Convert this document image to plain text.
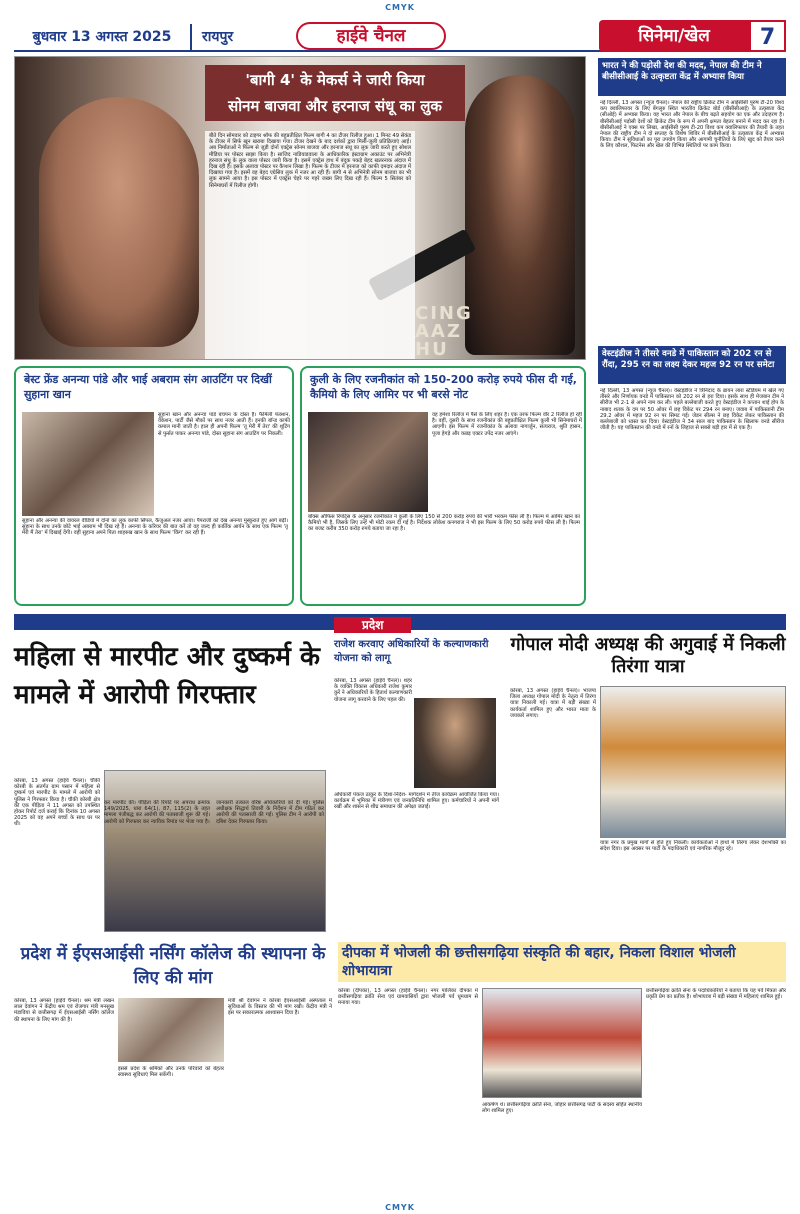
CMYK
बुधवार 13 अगस्त 2025	रायपुर	हाईवे चैनल	सिनेमा/खेल	7
CING
AAZ
HU
'बागी 4' के मेकर्स ने जारी किया
सोनम बाजवा और हरनाज संधू का लुक
बीते दिन सोमवार को टाइगर श्रॉफ की बहुप्रतीक्षित फिल्म बागी 4 का टीजर रिलीज हुआ। 1 मिनट 49 सेकंड के टीजर में सिर्फ खून खराबा दिखाया गया। टीजर देखने के बाद दर्शकों द्वारा मिली-जुली प्रतिक्रियाएं आईं। अब निर्माताओं ने फिल्म से जुड़ी दोनों एक्ट्रेस सोनम बाजवा और हरनाज संधू का लुक जारी करते हुए सोशल मीडिया पर पोस्टर साझा किया है। साजिद नाडियाडवाला के आधिकारिक इंस्टाग्राम अकाउंट पर अभिनेत्री हरनाज संधू के लुक वाला पोस्टर जारी किया है। इसमें एक्ट्रेस हाथ में बंदूक पकड़े बेहद खतरनाक अंदाज में दिख रही हैं। इसके अलावा पोस्टर पर कैप्शन लिखा है। फिल्म के टीजर में हरनाज को काफी दमदार अंदाज में दिखाया गया है। इसमें वह बेहद एग्रेसिव लुक में नजर आ रही हैं। बागी 4 से अभिनेत्री सोनम बाजवा का भी लुक सामने आया है। इस पोस्टर में एक्ट्रेस चेहरे पर गहरे जख्म लिए दिख रही हैं। फिल्म 5 सितंबर को सिनेमाघरों में रिलीज होगी।
भारत ने की पड़ोसी देश की मदद, नेपाल की टीम ने बीसीसीआई के उत्कृष्टता केंद्र में अभ्यास किया
नई दिल्ली, 13 अगस्त (न्यूज चैनल)। नेपाल की राष्ट्रीय क्रिकेट टीम ने आईसीसी पुरुष टी-20 विश्व कप क्वालिफायर के लिए बेंगलुरु स्थित भारतीय क्रिकेट बोर्ड (बीसीसीआई) के उत्कृष्टता केंद्र (सीओई) में अभ्यास किया। यह भारत और नेपाल के बीच बढ़ते सहयोग का एक और उदाहरण है। बीसीसीआई पड़ोसी देशों को क्रिकेट टीम के रूप में अपनी क्षमता बेहतर बनाने में मदद कर रहा है। बीसीसीआई ने एक्स पर लिखा, आईसीसी पुरुष टी-20 विश्व कप क्वालिफायर की तैयारी के तहत नेपाल की राष्ट्रीय टीम ने दो सप्ताह के विशेष शिविर में बीसीसीआई के उत्कृष्टता केंद्र में अभ्यास किया। टीम ने सुविधाओं का पूरा उपयोग किया और आगामी चुनौतियों के लिए खुद को तैयार करने के लिए कौशल, फिटनेस और खेल की विभिन्न स्थितियों पर काम किया।
वेस्टइंडीज ने तीसरे वनडे में पाकिस्तान को 202 रन से रौंदा, 295 रन का लक्ष्य देकर महज 92 रन पर समेटा
नई दिल्ली, 13 अगस्त (न्यूज चैनल)। वेस्टइंडीज ने त्रिनिदाद के ब्रायन लारा स्टेडियम में खेले गए तीसरे और निर्णायक वनडे में पाकिस्तान को 202 रन से हरा दिया। इसके साथ ही मेजबान टीम ने सीरीज भी 2-1 से अपने नाम कर ली। पहले बल्लेबाजी करते हुए वेस्टइंडीज ने कप्तान शाई होप के नाबाद शतक के दम पर 50 ओवर में छह विकेट पर 294 रन बनाए। जवाब में पाकिस्तानी टीम 29.2 ओवर में महज 92 रन पर सिमट गई। जेडन सील्स ने छह विकेट लेकर पाकिस्तान की बल्लेबाजी को ध्वस्त कर दिया। वेस्टइंडीज ने 34 साल बाद पाकिस्तान के खिलाफ वनडे सीरीज जीती है। यह पाकिस्तान की वनडे में रनों के लिहाज से सबसे बड़ी हार में से एक है।
बेस्ट फ्रेंड अनन्या पांडे और भाई अबराम संग आउटिंग पर दिखीं सुहाना खान
सुहाना खान और अनन्या पांडे बचपन के दोस्त हैं। फैमिली फंक्शन, वेकेशन, पार्टी जैसे मौकों पर साथ नजर आती हैं। इनकी बॉन्ड काफी कमाल मानी जाती है। हाल ही अपनी फिल्म 'तू मेरी मैं तेरा' की शूटिंग से फुर्सत पाकर अनन्या पांडे, दोस्त सुहाना संग आउटिंग पर निकलीं।
सुहाना और अनन्या की वायरल वीडियो में दोनों का लुक काफी सिंपल, कैजुअल नजर आया। पैपराजी को देख अनन्या मुस्कुराते हुए आगे बढ़ीं। सुहाना के साथ उनके छोटे भाई अबराम भी दिख रहे हैं। अनन्या के करियर की बात करें तो वह जल्द ही कार्तिक आर्यन के साथ एक फिल्म 'तू मेरी मैं तेरा' में दिखाई देंगी। वहीं सुहाना अपने पिता शाहरुख खान के साथ फिल्म 'किंग' कर रही हैं।
कुली के लिए रजनीकांत को 150-200 करोड़ रुपये फीस दी गई, कैमियो के लिए आमिर पर भी बरसे नोट
वह हमेशा रिलीज में पैसे के लिए शहर है। एक तरफ फिल्म वॉर 2 रिलीज हो रही है। वहीं, दूसरी के साथ रजनीकांत की बहुप्रतीक्षित फिल्म कुली भी सिनेमाघरों में आएगी। इस फिल्म में रजनीकांत के अलावा नागार्जुन, सत्यराज, श्रुति हासन, पूजा हेगड़े और कन्नड़ एक्टर उपेंद्र नजर आएंगे।
बॉक्स ऑफिस रिपोर्ट्स के अनुसार रजनीकांत ने कुली के लिए 150 से 200 करोड़ रुपये की भारी भरकम फीस ली है। फिल्म में आमिर खान का कैमियो भी है, जिसके लिए उन्हें भी मोटी रकम दी गई है। निर्देशक लोकेश कनगराज ने भी इस फिल्म के लिए 50 करोड़ रुपये फीस ली है। फिल्म का बजट करीब 350 करोड़ रुपये बताया जा रहा है।
प्रदेश
महिला से मारपीट और दुष्कर्म के मामले में आरोपी गिरफ्तार
कोरबा, 13 अगस्त (हाईवे चैनल)। चौकी कोरबी के अंतर्गत ग्राम पसान में महिला से दुष्कर्म एवं मारपीट के मामले में आरोपी को पुलिस ने गिरफ्तार किया है। चौकी कोरबी क्षेत्र की एक पीड़िता ने 11 अगस्त को उपस्थित होकर रिपोर्ट दर्ज कराई कि दिनांक 10 अगस्त 2025 को वह अपने बच्चों के साथ घर पर थी।
कर मारपीट की। पीड़िता की रिपोर्ट पर अपराध क्रमांक 149/2025, धारा 64(1), 87, 115(2) के तहत मामला पंजीबद्ध कर आरोपी की पतासाजी शुरू की गई। आरोपी को गिरफ्तार कर न्यायिक रिमांड पर भेजा गया है।
जानकारी तत्काल वरिष्ठ अधिकारियों को दी गई। पुलिस अधीक्षक सिद्धार्थ तिवारी के निर्देशन में टीम गठित कर आरोपी की पतासाजी की गई। पुलिस टीम ने आरोपी को दबिश देकर गिरफ्तार किया।
राजेश करवाए अधिकारियों के कल्याणकारी योजना को लागू
कोरबा, 13 अगस्त (हाईवे चैनल)। शहर के व्यक्ति विकास अधिकारी राजेश कुमार कुरें ने अधिकारियों के हितार्थ कल्याणकारी योजना लागू करवाने के लिए पहल की।
अधिकारी पंकज ठाकुर के दिशा-निर्देश- मार्गदर्शन में तीज कार्यक्रम आयोजित किया गया। कार्यक्रम में भूमिका में मंत्रीगण एवं जनप्रतिनिधि शामिल हुए। कर्मचारियों ने अपनी मांगें रखीं और शासन से शीघ्र समाधान की अपेक्षा जताई।
गोपाल मोदी अध्यक्ष की अगुवाई में निकली तिरंगा यात्रा
कोरबा, 13 अगस्त (हाईवे चैनल)। भाजपा जिला अध्यक्ष गोपाल मोदी के नेतृत्व में तिरंगा यात्रा निकाली गई। यात्रा में बड़ी संख्या में कार्यकर्ता शामिल हुए और भारत माता के जयकारे लगाए।
यात्रा नगर के प्रमुख मार्गों से होते हुए निकली। कार्यकर्ताओं ने हाथों में तिरंगा लेकर देशभक्ति का संदेश दिया। इस अवसर पर पार्टी के पदाधिकारी एवं नागरिक मौजूद रहे।
प्रदेश में ईएसआईसी नर्सिंग कॉलेज की स्थापना के लिए की मांग
कोरबा, 13 अगस्त (हाईवे चैनल)। श्रम मंत्री लखन लाल देवांगन ने केंद्रीय श्रम एवं रोजगार मंत्री मनसुख मंडाविया से छत्तीसगढ़ में ईएसआईसी नर्सिंग कॉलेज की स्थापना के लिए मांग की है।
इससे प्रदेश के श्रमिकों और उनके परिवारों को बेहतर स्वास्थ्य सुविधाएं मिल सकेंगी।
मंत्री श्री देवांगन ने कोरबा ईएसआईसी अस्पताल में सुविधाओं के विस्तार की भी मांग रखी। केंद्रीय मंत्री ने इस पर सकारात्मक आश्वासन दिया है।
दीपका में भोजली की छत्तीसगढ़िया संस्कृति की बहार, निकला विशाल भोजली शोभायात्रा
कोरबा (दीपका), 13 अगस्त (हाईवे चैनल)। नगर पालिका दीपका में छत्तीसगढ़िया क्रांति सेना एवं ग्रामवासियों द्वारा भोजली पर्व धूमधाम से मनाया गया।
आकर्षण थे। छत्तीसगढ़िया क्रांति सेना, जोहार छत्तीसगढ़ पार्टी के सदस्य सहित स्थानीय लोग शामिल हुए।
छत्तीसगढ़िया क्रांति सेना के पदाधिकारियों ने बताया कि यह पर्व मित्रता और प्रकृति प्रेम का प्रतीक है। शोभायात्रा में बड़ी संख्या में महिलाएं शामिल हुईं।
CMYK
